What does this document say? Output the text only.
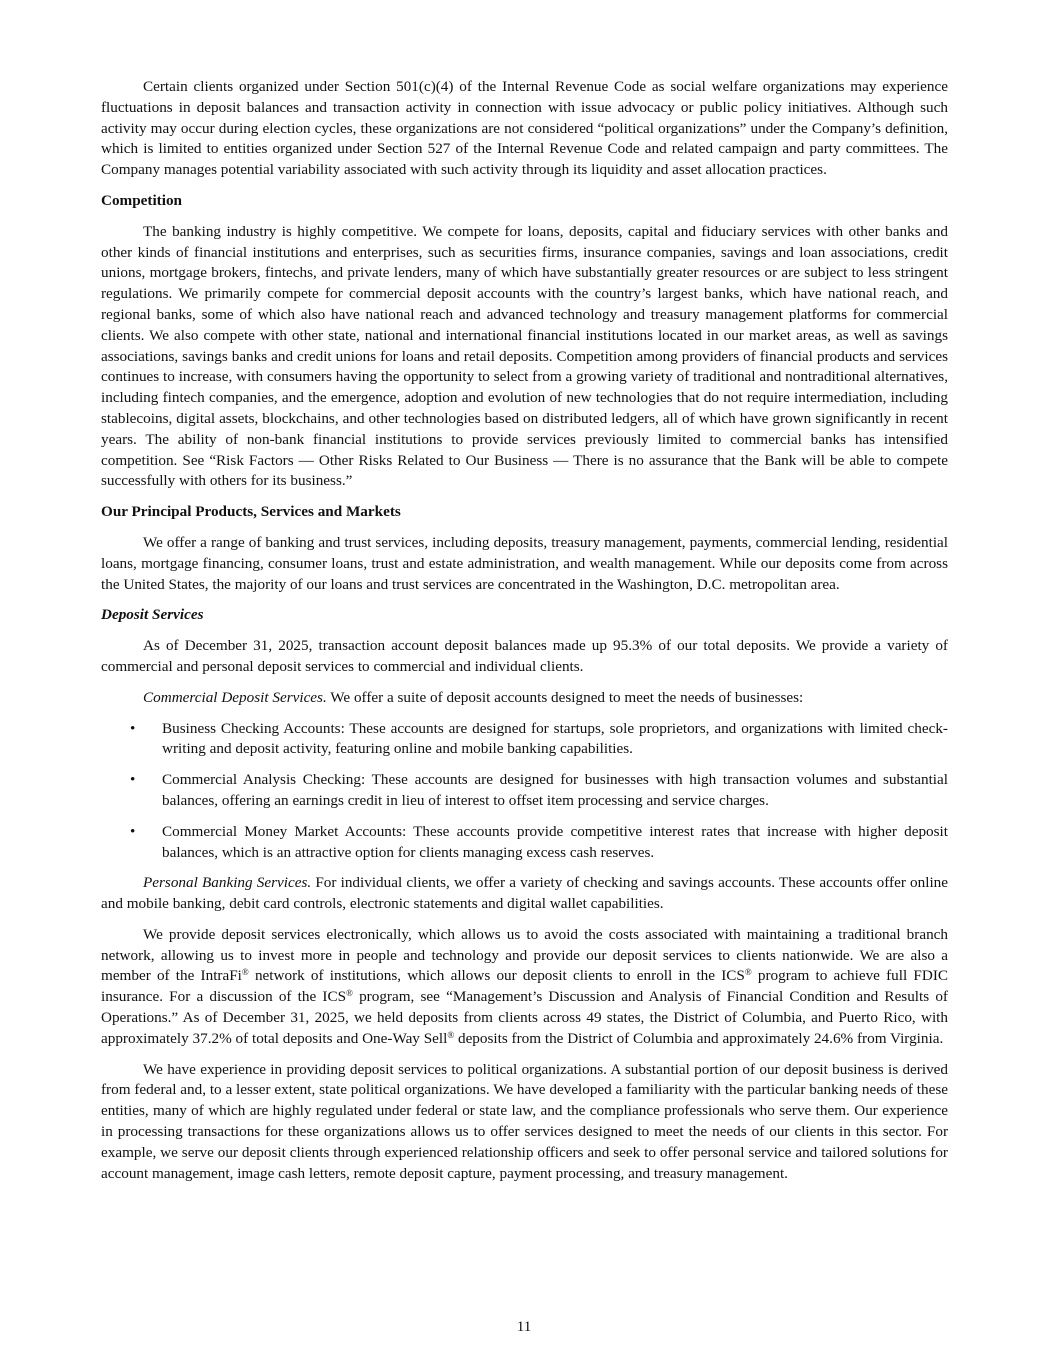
Certain clients organized under Section 501(c)(4) of the Internal Revenue Code as social welfare organizations may experience fluctuations in deposit balances and transaction activity in connection with issue advocacy or public policy initiatives. Although such activity may occur during election cycles, these organizations are not considered “political organizations” under the Company’s definition, which is limited to entities organized under Section 527 of the Internal Revenue Code and related campaign and party committees. The Company manages potential variability associated with such activity through its liquidity and asset allocation practices.

Competition

The banking industry is highly competitive. We compete for loans, deposits, capital and fiduciary services with other banks and other kinds of financial institutions and enterprises, such as securities firms, insurance companies, savings and loan associations, credit unions, mortgage brokers, fintechs, and private lenders, many of which have substantially greater resources or are subject to less stringent regulations. We primarily compete for commercial deposit accounts with the country’s largest banks, which have national reach, and regional banks, some of which also have national reach and advanced technology and treasury management platforms for commercial clients. We also compete with other state, national and international financial institutions located in our market areas, as well as savings associations, savings banks and credit unions for loans and retail deposits. Competition among providers of financial products and services continues to increase, with consumers having the opportunity to select from a growing variety of traditional and nontraditional alternatives, including fintech companies, and the emergence, adoption and evolution of new technologies that do not require intermediation, including stablecoins, digital assets, blockchains, and other technologies based on distributed ledgers, all of which have grown significantly in recent years. The ability of non-bank financial institutions to provide services previously limited to commercial banks has intensified competition. See “Risk Factors — Other Risks Related to Our Business — There is no assurance that the Bank will be able to compete successfully with others for its business.”

Our Principal Products, Services and Markets

We offer a range of banking and trust services, including deposits, treasury management, payments, commercial lending, residential loans, mortgage financing, consumer loans, trust and estate administration, and wealth management. While our deposits come from across the United States, the majority of our loans and trust services are concentrated in the Washington, D.C. metropolitan area.

Deposit Services

As of December 31, 2025, transaction account deposit balances made up 95.3% of our total deposits. We provide a variety of commercial and personal deposit services to commercial and individual clients.

Commercial Deposit Services. We offer a suite of deposit accounts designed to meet the needs of businesses:

• Business Checking Accounts: These accounts are designed for startups, sole proprietors, and organizations with limited check-writing and deposit activity, featuring online and mobile banking capabilities.
• Commercial Analysis Checking: These accounts are designed for businesses with high transaction volumes and substantial balances, offering an earnings credit in lieu of interest to offset item processing and service charges.
• Commercial Money Market Accounts: These accounts provide competitive interest rates that increase with higher deposit balances, which is an attractive option for clients managing excess cash reserves.

Personal Banking Services. For individual clients, we offer a variety of checking and savings accounts. These accounts offer online and mobile banking, debit card controls, electronic statements and digital wallet capabilities.

We provide deposit services electronically, which allows us to avoid the costs associated with maintaining a traditional branch network, allowing us to invest more in people and technology and provide our deposit services to clients nationwide. We are also a member of the IntraFi® network of institutions, which allows our deposit clients to enroll in the ICS® program to achieve full FDIC insurance. For a discussion of the ICS® program, see “Management’s Discussion and Analysis of Financial Condition and Results of Operations.” As of December 31, 2025, we held deposits from clients across 49 states, the District of Columbia, and Puerto Rico, with approximately 37.2% of total deposits and One-Way Sell® deposits from the District of Columbia and approximately 24.6% from Virginia.

We have experience in providing deposit services to political organizations. A substantial portion of our deposit business is derived from federal and, to a lesser extent, state political organizations. We have developed a familiarity with the particular banking needs of these entities, many of which are highly regulated under federal or state law, and the compliance professionals who serve them. Our experience in processing transactions for these organizations allows us to offer services designed to meet the needs of our clients in this sector. For example, we serve our deposit clients through experienced relationship officers and seek to offer personal service and tailored solutions for account management, image cash letters, remote deposit capture, payment processing, and treasury management.

11
